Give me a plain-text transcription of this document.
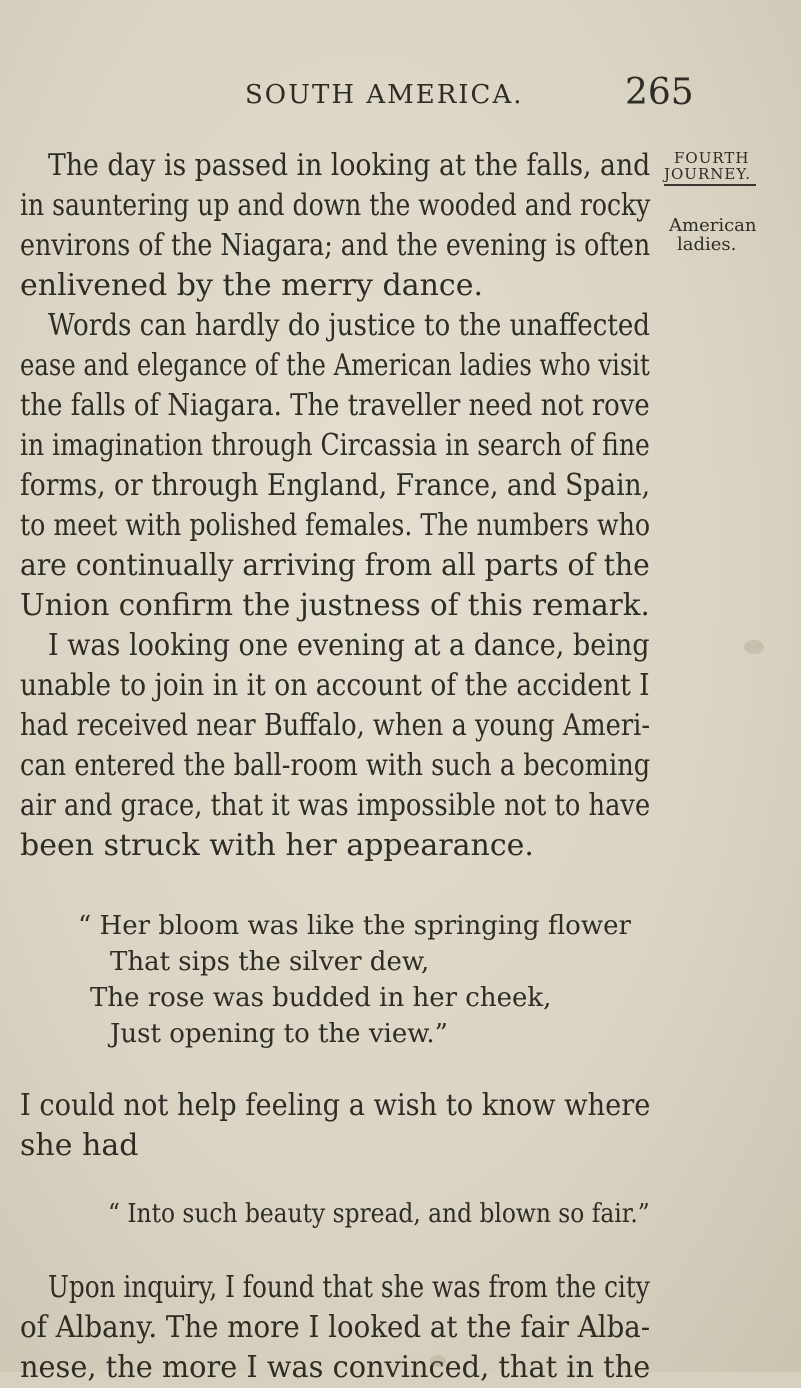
SOUTH AMERICA.	265
FOURTH
JOURNEY.
American
ladies.
The day is passed in looking at the falls, and
in sauntering up and down the wooded and rocky
environs of the Niagara; and the evening is often
enlivened by the merry dance.
Words can hardly do justice to the unaffected
ease and elegance of the American ladies who visit
the falls of Niagara. The traveller need not rove
in imagination through Circassia in search of fine
forms, or through England, France, and Spain,
to meet with polished females. The numbers who
are continually arriving from all parts of the
Union confirm the justness of this remark.
I was looking one evening at a dance, being
unable to join in it on account of the accident I
had received near Buffalo, when a young Ameri-
can entered the ball-room with such a becoming
air and grace, that it was impossible not to have
been struck with her appearance.
“ Her bloom was like the springing flower
That sips the silver dew,
The rose was budded in her cheek,
Just opening to the view.”
I could not help feeling a wish to know where
she had
“ Into such beauty spread, and blown so fair.”
Upon inquiry, I found that she was from the city
of Albany. The more I looked at the fair Alba-
nese, the more I was convinced, that in the
